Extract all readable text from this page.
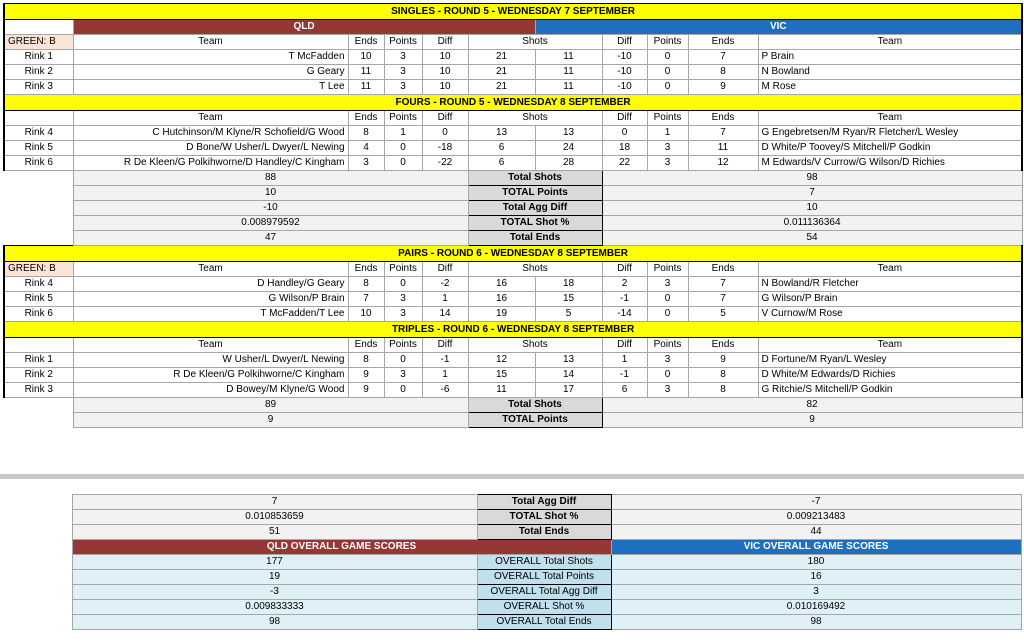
SINGLES - ROUND 5 - WEDNESDAY 7 SEPTEMBER										
	QLD					VIC				
GREEN: B	Team	Ends	Points	Diff	Shots		Diff	Points	Ends	Team
Rink 1	T McFadden	10	3	10	21	11	-10	0	7	P Brain
Rink 2	G Geary	11	3	10	21	11	-10	0	8	N Bowland
Rink 3	T Lee	11	3	10	21	11	-10	0	9	M Rose
FOURS - ROUND 5 - WEDNESDAY 8 SEPTEMBER										
	Team	Ends	Points	Diff	Shots		Diff	Points	Ends	Team
Rink 4	C Hutchinson/M Klyne/R Schofield/G Wood	8	1	0	13	13	0	1	7	G Engebretsen/M Ryan/R Fletcher/L Wesley
Rink 5	D Bone/W Usher/L Dwyer/L Newing	4	0	-18	6	24	18	3	11	D White/P Toovey/S Mitchell/P Godkin
Rink 6	R De Kleen/G Polkihworne/D Handley/C Kingham	3	0	-22	6	28	22	3	12	M Edwards/V Currow/G Wilson/D Richies
	88				Total Shots		98			
	10				TOTAL Points		7			
	-10				Total Agg Diff		10			
	0.008979592				TOTAL Shot %		0.011136364			
	47				Total Ends		54			
PAIRS - ROUND 6 - WEDNESDAY 8 SEPTEMBER										
GREEN: B	Team	Ends	Points	Diff	Shots		Diff	Points	Ends	Team
Rink 4	D Handley/G Geary	8	0	-2	16	18	2	3	7	N Bowland/R Fletcher
Rink 5	G Wilson/P Brain	7	3	1	16	15	-1	0	7	G Wilson/P Brain
Rink 6	T McFadden/T Lee	10	3	14	19	5	-14	0	5	V Curnow/M Rose
TRIPLES - ROUND 6 - WEDNESDAY 8 SEPTEMBER										
	Team	Ends	Points	Diff	Shots		Diff	Points	Ends	Team
Rink 1	W Usher/L Dwyer/L Newing	8	0	-1	12	13	1	3	9	D Fortune/M Ryan/L Wesley
Rink 2	R De Kleen/G Polkihworne/C Kingham	9	3	1	15	14	-1	0	8	D White/M Edwards/D Richies
Rink 3	D Bowey/M Klyne/G Wood	9	0	-6	11	17	6	3	8	G Ritchie/S Mitchell/P Godkin
	89				Total Shots		82			
	9				TOTAL Points		9			
	7	Total Agg Diff	-7
	0.010853659	TOTAL Shot %	0.009213483
	51	Total Ends	44
	QLD OVERALL GAME SCORES		VIC OVERALL GAME SCORES
	177	OVERALL Total Shots	180
	19	OVERALL Total Points	16
	-3	OVERALL Total Agg Diff	3
	0.009833333	OVERALL Shot %	0.010169492
	98	OVERALL Total Ends	98
